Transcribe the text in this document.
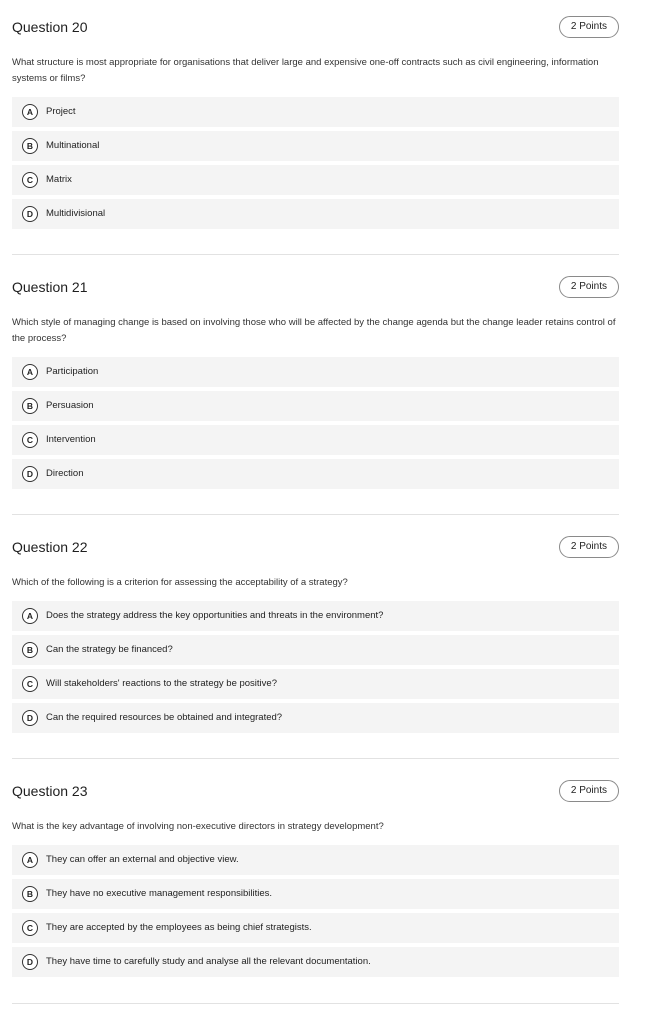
Question 20	2 Points
What structure is most appropriate for organisations that deliver large and expensive one-off contracts such as civil engineering, information systems or films?
A	Project
B	Multinational
C	Matrix
D	Multidivisional
Question 21	2 Points
Which style of managing change is based on involving those who will be affected by the change agenda but the change leader retains control of the process?
A	Participation
B	Persuasion
C	Intervention
D	Direction
Question 22	2 Points
Which of the following is a criterion for assessing the acceptability of a strategy?
A	Does the strategy address the key opportunities and threats in the environment?
B	Can the strategy be financed?
C	Will stakeholders' reactions to the strategy be positive?
D	Can the required resources be obtained and integrated?
Question 23	2 Points
What is the key advantage of involving non-executive directors in strategy development?
A	They can offer an external and objective view.
B	They have no executive management responsibilities.
C	They are accepted by the employees as being chief strategists.
D	They have time to carefully study and analyse all the relevant documentation.
